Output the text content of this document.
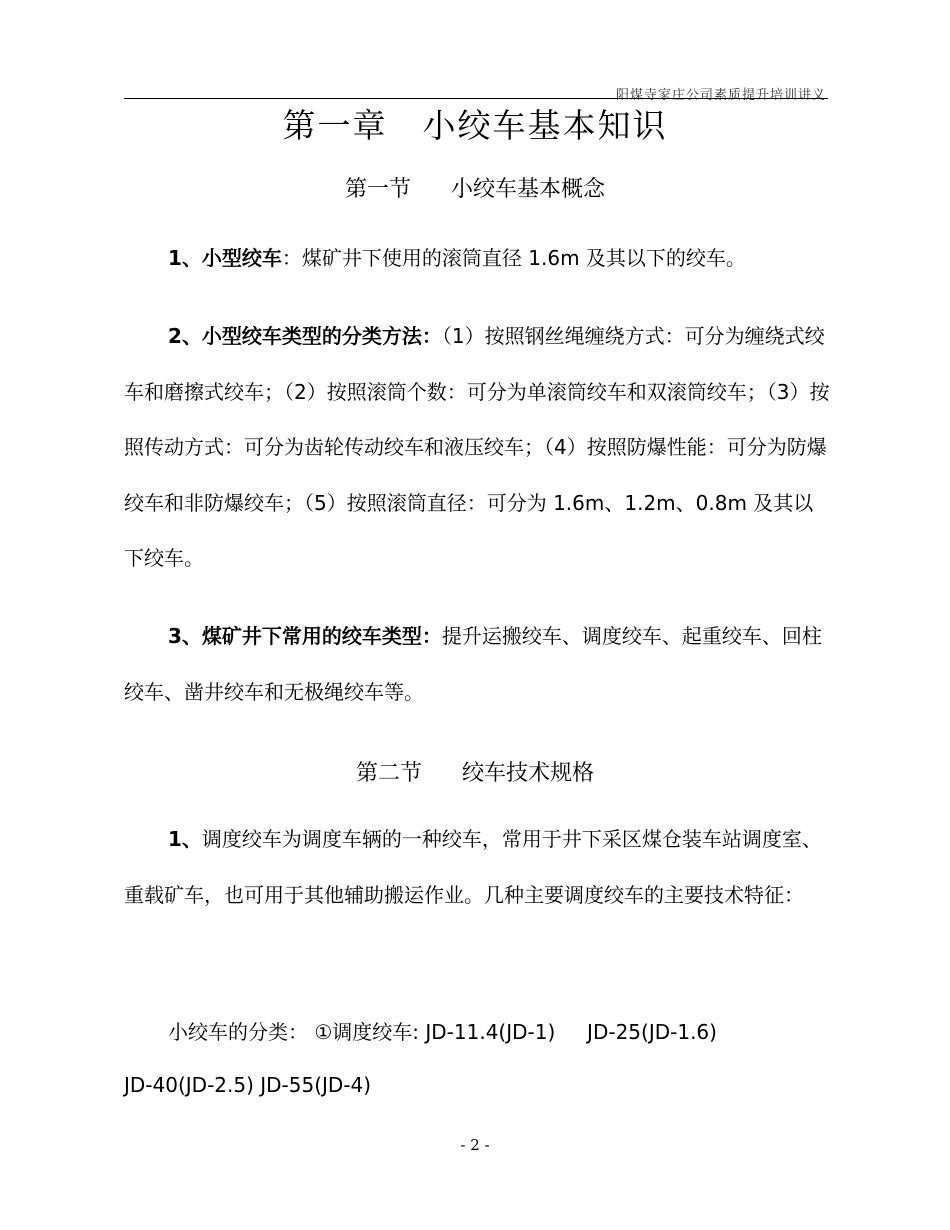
阳煤寺家庄公司素质提升培训讲义
第一章　小绞车基本知识
第一节 小绞车基本概念
1、小型绞车：煤矿井下使用的滚筒直径 1.6m 及其以下的绞车。
2、小型绞车类型的分类方法：（1）按照钢丝绳缠绕方式：可分为缠绕式绞车和磨擦式绞车；（2）按照滚筒个数：可分为单滚筒绞车和双滚筒绞车；（3）按照传动方式：可分为齿轮传动绞车和液压绞车；（4）按照防爆性能：可分为防爆绞车和非防爆绞车；（5）按照滚筒直径：可分为 1.6m、1.2m、0.8m 及其以下绞车。
3、煤矿井下常用的绞车类型：提升运搬绞车、调度绞车、起重绞车、回柱绞车、凿井绞车和无极绳绞车等。
第二节 绞车技术规格
1、调度绞车为调度车辆的一种绞车，常用于井下采区煤仓装车站调度室、重载矿车，也可用于其他辅助搬运作业。几种主要调度绞车的主要技术特征：
小绞车的分类： ①调度绞车: JD-11.4(JD-1)     JD-25(JD-1.6)
JD-40(JD-2.5) JD-55(JD-4)
- 2 -
